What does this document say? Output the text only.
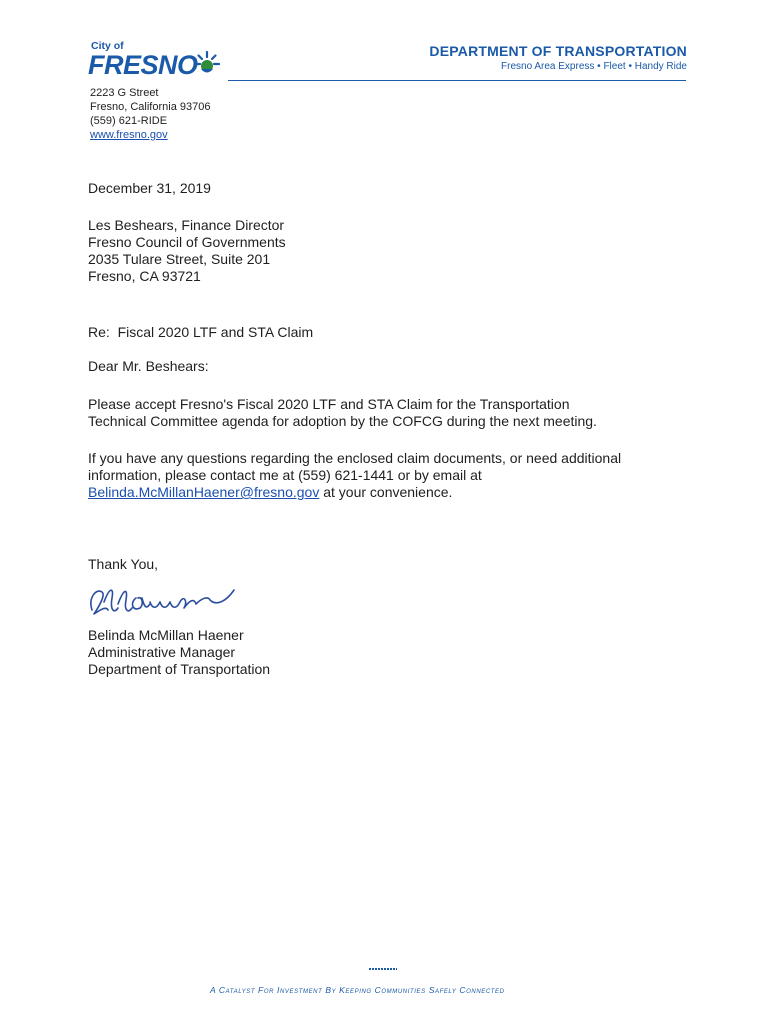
City of
FRESNO	DEPARTMENT OF TRANSPORTATION
Fresno Area Express • Fleet • Handy Ride
2223 G Street
Fresno, California 93706
(559) 621-RIDE
www.fresno.gov
December 31, 2019
Les Beshears, Finance Director
Fresno Council of Governments
2035 Tulare Street, Suite 201
Fresno, CA 93721
Re:  Fiscal 2020 LTF and STA Claim
Dear Mr. Beshears:
Please accept Fresno's Fiscal 2020 LTF and STA Claim for the Transportation
Technical Committee agenda for adoption by the COFCG during the next meeting.
If you have any questions regarding the enclosed claim documents, or need additional
information, please contact me at (559) 621-1441 or by email at
Belinda.McMillanHaener@fresno.gov at your convenience.
Thank You,
Belinda McMillan Haener
Administrative Manager
Department of Transportation
A Catalyst For Investment By Keeping Communities Safely Connected
